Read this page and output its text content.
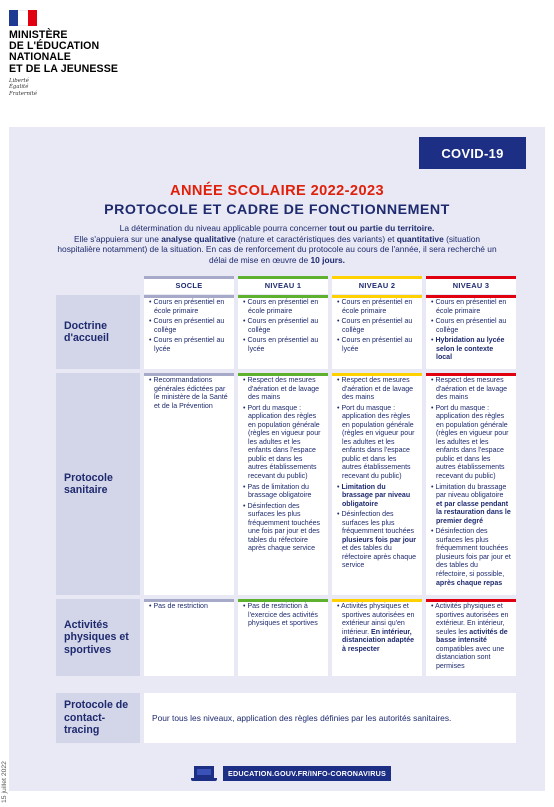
MINISTÈRE
DE L'ÉDUCATION
NATIONALE
ET DE LA JEUNESSE
Liberté
Égalité
Fraternité
COVID-19
ANNÉE SCOLAIRE 2022-2023
PROTOCOLE ET CADRE DE FONCTIONNEMENT
La détermination du niveau applicable pourra concerner tout ou partie du territoire.
Elle s'appuiera sur une analyse qualitative (nature et caractéristiques des variants) et quantitative (situation hospitalière notamment) de la situation. En cas de renforcement du protocole au cours de l'année, il sera recherché un délai de mise en œuvre de 10 jours.
SOCLE	NIVEAU 1	NIVEAU 2	NIVEAU 3
Doctrine d'accueil
• Cours en présentiel en école primaire
• Cours en présentiel au collège
• Cours en présentiel au lycée
• Cours en présentiel en école primaire
• Cours en présentiel au collège
• Cours en présentiel au lycée
• Cours en présentiel en école primaire
• Cours en présentiel au collège
• Cours en présentiel au lycée
• Cours en présentiel en école primaire
• Cours en présentiel au collège
• Hybridation au lycée selon le contexte local
Protocole sanitaire
• Recommandations générales édictées par le ministère de la Santé et de la Prévention
• Respect des mesures d'aération et de lavage des mains
• Port du masque : application des règles en population générale (règles en vigueur pour les adultes et les enfants dans l'espace public et dans les autres établissements recevant du public)
• Pas de limitation du brassage obligatoire
• Désinfection des surfaces les plus fréquemment touchées une fois par jour et des tables du réfectoire après chaque service
• Respect des mesures d'aération et de lavage des mains
• Port du masque : application des règles en population générale (règles en vigueur pour les adultes et les enfants dans l'espace public et dans les autres établissements recevant du public)
• Limitation du brassage par niveau obligatoire
• Désinfection des surfaces les plus fréquemment touchées plusieurs fois par jour et des tables du réfectoire après chaque service
• Respect des mesures d'aération et de lavage des mains
• Port du masque : application des règles en population générale (règles en vigueur pour les adultes et les enfants dans l'espace public et dans les autres établissements recevant du public)
• Limitation du brassage par niveau obligatoire et par classe pendant la restauration dans le premier degré
• Désinfection des surfaces les plus fréquemment touchées plusieurs fois par jour et des tables du réfectoire, si possible, après chaque repas
Activités physiques et sportives
• Pas de restriction
•	Pas de restriction à l'exercice des activités physiques et sportives
• Activités physiques et sportives autorisées en extérieur ainsi qu'en intérieur. En intérieur, distanciation adaptée à respecter
• Activités physiques et sportives autorisées en extérieur. En intérieur, seules les activités de basse intensité compatibles avec une distanciation sont permises
Protocole de contact-tracing
Pour tous les niveaux, application des règles définies par les autorités sanitaires.
EDUCATION.GOUV.FR/INFO-CORONAVIRUS
15 juillet 2022
